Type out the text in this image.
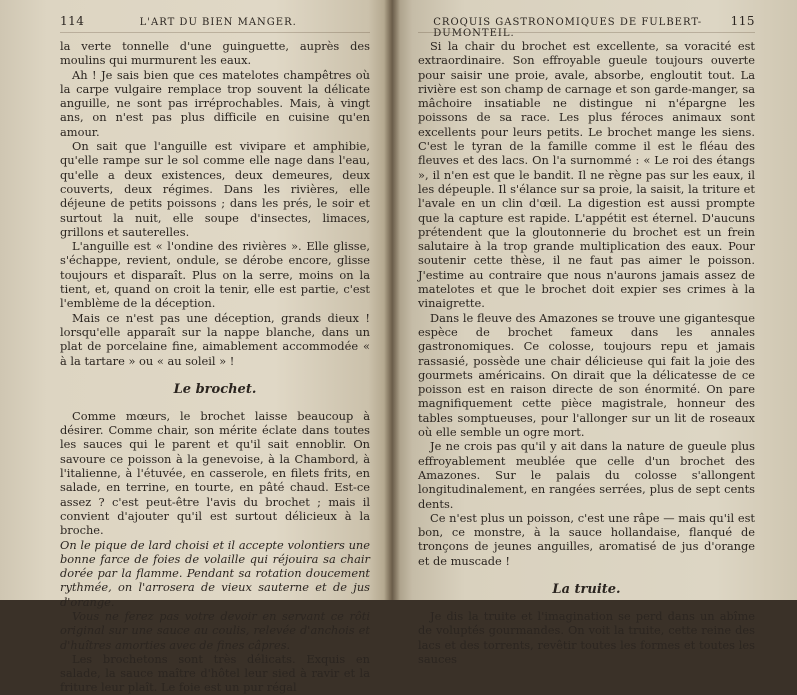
114	L'ART DU BIEN MANGER.

la verte tonnelle d'une guinguette, auprès des moulins qui murmurent les eaux.

Ah ! Je sais bien que ces matelotes champêtres où la carpe vulgaire remplace trop souvent la délicate anguille, ne sont pas irréprochables. Mais, à vingt ans, on n'est pas plus difficile en cuisine qu'en amour.

On sait que l'anguille est vivipare et amphibie, qu'elle rampe sur le sol comme elle nage dans l'eau, qu'elle a deux existences, deux demeures, deux couverts, deux régimes. Dans les rivières, elle déjeune de petits poissons ; dans les prés, le soir et surtout la nuit, elle soupe d'insectes, limaces, grillons et sauterelles.

L'anguille est « l'ondine des rivières ». Elle glisse, s'échappe, revient, ondule, se dérobe encore, glisse toujours et disparaît. Plus on la serre, moins on la tient, et, quand on croit la tenir, elle est partie, c'est l'emblème de la déception.

Mais ce n'est pas une déception, grands dieux ! lorsqu'elle apparaît sur la nappe blanche, dans un plat de porcelaine fine, aimablement accommodée « à la tartare » ou « au soleil » !

Le brochet.

Comme mœurs, le brochet laisse beaucoup à désirer. Comme chair, son mérite éclate dans toutes les sauces qui le parent et qu'il sait ennoblir. On savoure ce poisson à la genevoise, à la Chambord, à l'italienne, à l'étuvée, en casserole, en filets frits, en salade, en terrine, en tourte, en pâté chaud. Est-ce assez ? c'est peut-être l'avis du brochet ; mais il convient d'ajouter qu'il est surtout délicieux à la broche.

On le pique de lard choisi et il accepte volontiers une bonne farce de foies de volaille qui réjouira sa chair dorée par la flamme. Pendant sa rotation doucement rythmée, on l'arrosera de vieux sauterne et de jus d'orange.

Vous ne ferez pas votre devoir en servant ce rôti original sur une sauce au coulis, relevée d'anchois et d'huîtres amorties avec de fines câpres.

Les brochetons sont très délicats. Exquis en salade, la sauce maître d'hôtel leur sied à ravir et la friture leur plaît. Le foie est un pur régal

CROQUIS GASTRONOMIQUES DE FULBERT-DUMONTEIL.
115

Si la chair du brochet est excellente, sa voracité est extraordinaire. Son effroyable gueule toujours ouverte pour saisir une proie, avale, absorbe, engloutit tout. La rivière est son champ de carnage et son garde-manger, sa mâchoire insatiable ne distingue ni n'épargne les poissons de sa race. Les plus féroces animaux sont excellents pour leurs petits. Le brochet mange les siens. C'est le tyran de la famille comme il est le fléau des fleuves et des lacs. On l'a surnommé : « Le roi des étangs », il n'en est que le bandit. Il ne règne pas sur les eaux, il les dépeuple. Il s'élance sur sa proie, la saisit, la triture et l'avale en un clin d'œil. La digestion est aussi prompte que la capture est rapide. L'appétit est éternel. D'aucuns prétendent que la gloutonnerie du brochet est un frein salutaire à la trop grande multiplication des eaux. Pour soutenir cette thèse, il ne faut pas aimer le poisson. J'estime au contraire que nous n'aurons jamais assez de matelotes et que le brochet doit expier ses crimes à la vinaigrette.

Dans le fleuve des Amazones se trouve une gigantesque espèce de brochet fameux dans les annales gastronomiques. Ce colosse, toujours repu et jamais rassasié, possède une chair délicieuse qui fait la joie des gourmets américains. On dirait que la délicatesse de ce poisson est en raison directe de son énormité. On pare magnifiquement cette pièce magistrale, honneur des tables somptueuses, pour l'allonger sur un lit de roseaux où elle semble un ogre mort.

Je ne crois pas qu'il y ait dans la nature de gueule plus effroyablement meublée que celle d'un brochet des Amazones. Sur le palais du colosse s'allongent longitudinalement, en rangées serrées, plus de sept cents dents.

Ce n'est plus un poisson, c'est une râpe — mais qu'il est bon, ce monstre, à la sauce hollandaise, flanqué de tronçons de jeunes anguilles, aromatisé de jus d'orange et de muscade !

La truite.

Je dis la truite et l'imagination se perd dans un abîme de voluptés gourmandes. On voit la truite, cette reine des lacs et des torrents, revêtir toutes les formes et toutes les sauces
